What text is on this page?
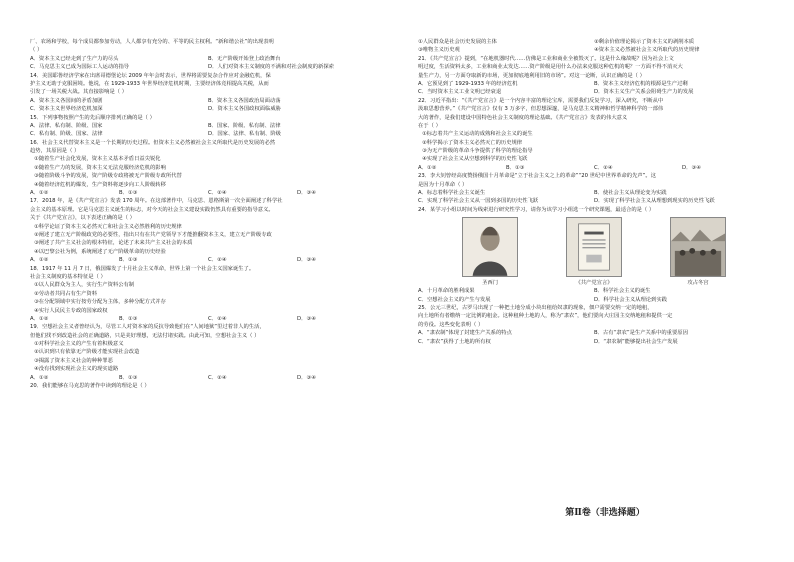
厂、农场和学校，每个成员都参加劳动，人人都享有充分的、平等的民主权利。“新和谐公社”的出现表明
（ ）
A．资本主义已经走到了生产力的尽头	B．无产阶级开始登上政治舞台
C．马克思主义已成为国际工人运动的指导	D．人们对资本主义制度的不满和对社会制度的新探索
14．美国耶鲁经济学家在出席哥德堡论坛 2009 年年会时表示，世界将需要复杂合作应对金融危机，保
护主义无助于克服困境。他说，在 1929-1933 年世界经济危机时期，主要经济体竞相提高关税，从而
引发了一场关税大战。其直接影响是（ ）
A．资本主义各国间的矛盾加剧	B．资本主义各国政治局面动荡
C．资本主义世界经济危机加深	D．资本主义各国政权面临威胁
15．下列事物按照产生的先后顺序排列正确的是（ ）
A．法律、私有制、阶级、国家	B．国家、阶级、私有制、法律
C．私有制、阶级、国家、法律	D．国家、法律、私有制、阶级
16．社会主义代替资本主义是一个长期的历史过程。但资本主义必然被社会主义所取代是历史发展的必然
趋势，其原因是（ ）
①随着生产社会化发展，资本主义基本矛盾日益尖锐化
②随着生产力的发展，资本主义无法克服经济危机的影响
③随着阶级斗争的发展，资产阶级专政将被无产阶级专政所代替
④随着经济危机的爆发，生产资料将逐步向工人阶级转移
A．①②	B．①③	C．②④	D．③④
17．2018 年，是《共产党宣言》发表 170 周年。在这部著作中，马克思、恩格斯第一次全面阐述了科学社
会主义的基本原理。它是马克思主义诞生的标志，对今天的社会主义建设实践仍然具有重要的指导意义。
关于《共产党宣言》，以下表述正确的是（ ）
①科学论证了资本主义必然灭亡和社会主义必然胜利的历史规律
②阐述了建立无产阶级政党的必要性，指出只有在共产党领导下才能推翻资本主义，建立无产阶级专政
③阐述了共产主义社会的根本特征，论述了未来共产主义社会的本质
④以巴黎公社为例，系统阐述了无产阶级革命的历史经验
A．①②	B．①③	C．②④	D．③④
18．1917 年 11 月 7 日，俄国爆发了十月社会主义革命，世界上第一个社会主义国家诞生了。
社会主义制度的基本特征是（ ）
①以人民群众为主人，实行生产资料公有制
②劳动者共同占有生产资料
③在分配领域中实行按劳分配为主体，多种分配方式并存
④实行人民民主专政的国家政权
A．①②	B．①③	C．②④	D．③④
19．空想社会主义者曾经认为，尽管工人对资本家的反抗导致他们在“人间地狱”里过着非人的生活，
但他们找不到改造社会的正确道路，只是美好理想，无法付诸实践。由此可知，空想社会主义（ ）
①对科学社会主义的产生有着积极意义
②认识到只有依靠无产阶级才能实现社会改造
③揭露了资本主义社会的种种罪恶
④没有找到实现社会主义的现实道路
A．①②	B．①③	C．②④	D．③④
20．我们能够在马克思的著作中读到的理论是（ ）
①人民群众是社会历史发展的主体	②剩余价值理论揭示了资本主义的剥削本质
③唯物主义历史观	④资本主义必然被社会主义所取代的历史规律
21．《共产党宣言》提到，“在地机器时代……仿佛是工业和商业全被毁灭了。这是什么缘故呢？因为社会上文
明过度，生活资料太多，工业和商业太发达……资产阶级是用什么办法来克服这种危机的呢？一方面不得不消灭大
量生产力，另一方面夺取新的市场，更加彻底地利用旧的市场”。对这一论断，认识正确的是（ ）
A．它预见到了 1929-1933 年的经济危机	B．资本主义经济危机的根源是生产过剩
C．当时资本主义工业文明已经衰退	D．资本主义生产关系会阻碍生产力的发展
22．习近平指出：“《共产党宣言》是一个内容丰富的理论宝库，需要我们反复学习，深入研究，不断从中
汲取思想营养。”《共产党宣言》仅有 3 万多字，但思想深邃，是马克思主义精神和哲学精神科学的一部伟
大的著作，是我们建设中国特色社会主义制度的理论基础。《共产党宣言》发表的伟大意义
在于（ ）
①标志着共产主义运动的成熟和社会主义的诞生
②科学揭示了资本主义必然灭亡的历史规律
③为无产阶级的革命斗争提供了科学的理论指导
④实现了社会主义从空想到科学的历史性飞跃
A．①②	B．①③	C．②④	D．③④
23．李大钊曾经高度赞扬俄国十月革命是“立于社会主义之上的革命”“20 世纪中世界革命的先声”。这
是因为十月革命（ ）
A．标志着科学社会主义诞生	B．使社会主义从理论变为实践
C．实现了科学社会主义从一国到多国的历史性飞跃	D．实现了科学社会主义从理想到现实的历史性飞跃
24．某学习小组以时间为线索进行研究性学习，请你为该学习小组选一个研究课题，最适合的是（ ）
圣西门	《共产党宣言》	攻占冬宫
A．十月革命的胜利成果	B．科学社会主义的诞生
C．空想社会主义的产生与发展	D．科学社会主义从理论到实践
25．公元三世纪，古罗马出现了一种把土地分成小块出租给奴隶的现象，佃户需要交纳一定的地租，
向土地所有者缴纳一定比例的租金。这种租种土地的人，称为“隶农”，他们要向大庄园主交纳地租和提供一定
的劳役。这些变化表明（ ）
A．“隶农制”体现了封建生产关系的特点	B．古有“隶农”是生产关系中的重要原因
C．“隶农”获得了土地的所有权	D．“隶农制”能够提出社会生产发展
第Ⅱ卷（非选择题）
